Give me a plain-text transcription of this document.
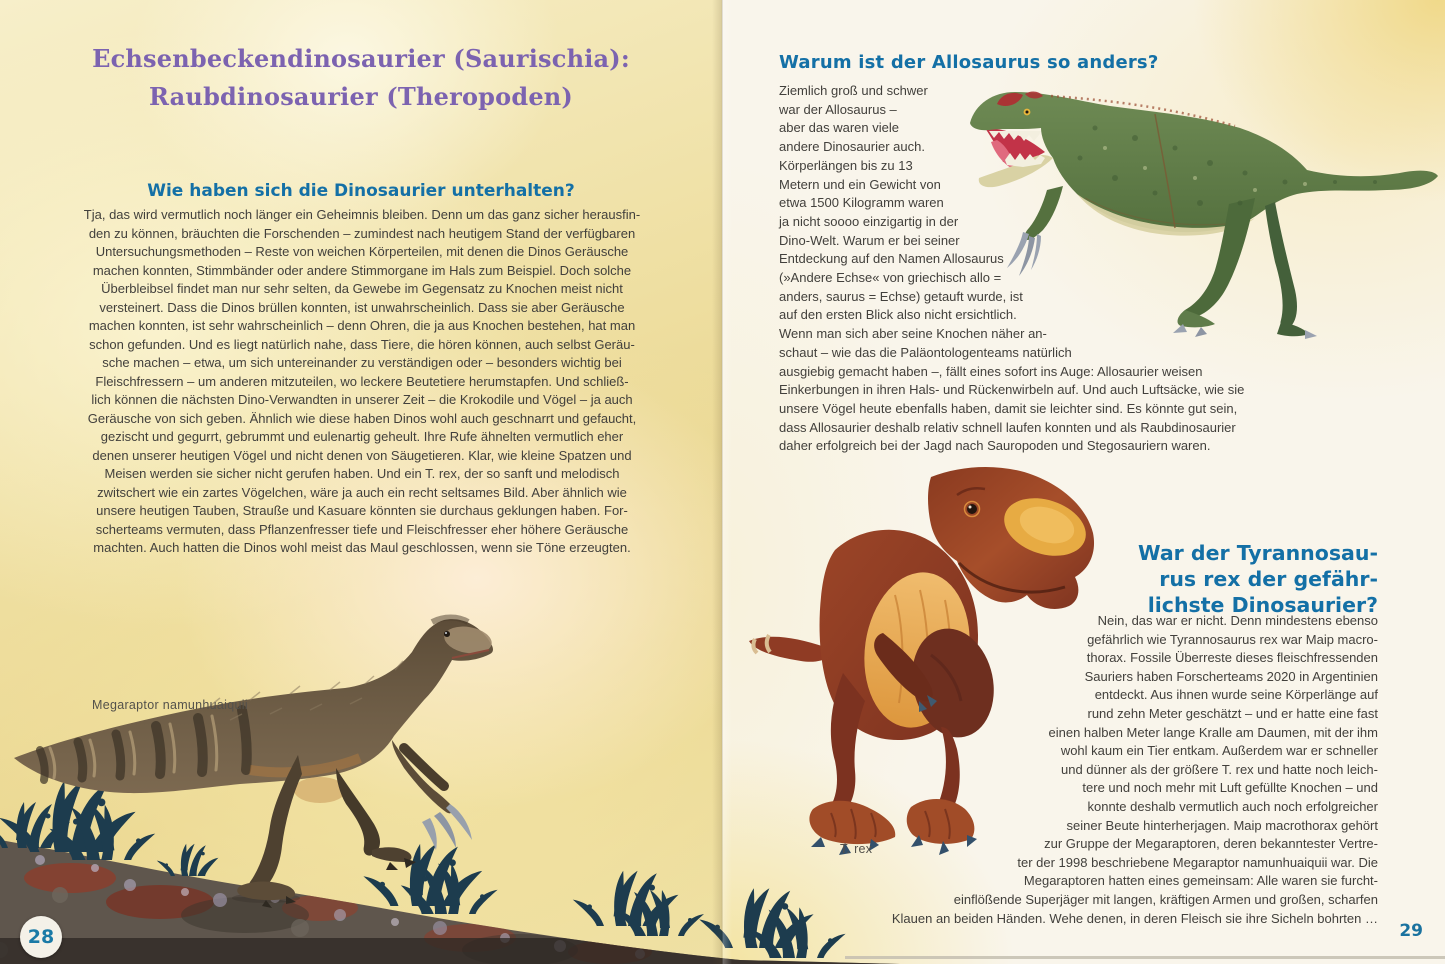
Echsenbeckendinosaurier (Saurischia):
Raubdinosaurier (Theropoden)
Wie haben sich die Dinosaurier unterhalten?
Tja, das wird vermutlich noch länger ein Geheimnis bleiben. Denn um das ganz sicher herausfin-
den zu können, bräuchten die Forschenden – zumindest nach heutigem Stand der verfügbaren
Untersuchungsmethoden – Reste von weichen Körperteilen, mit denen die Dinos Geräusche
machen konnten, Stimmbänder oder andere Stimmorgane im Hals zum Beispiel. Doch solche
Überbleibsel findet man nur sehr selten, da Gewebe im Gegensatz zu Knochen meist nicht
versteinert. Dass die Dinos brüllen konnten, ist unwahrscheinlich. Dass sie aber Geräusche
machen konnten, ist sehr wahrscheinlich – denn Ohren, die ja aus Knochen bestehen, hat man
schon gefunden. Und es liegt natürlich nahe, dass Tiere, die hören können, auch selbst Geräu-
sche machen – etwa, um sich untereinander zu verständigen oder – besonders wichtig bei
Fleischfressern – um anderen mitzuteilen, wo leckere Beutetiere herumstapfen. Und schließ-
lich können die nächsten Dino-Verwandten in unserer Zeit – die Krokodile und Vögel – ja auch
Geräusche von sich geben. Ähnlich wie diese haben Dinos wohl auch geschnarrt und gefaucht,
gezischt und gegurrt, gebrummt und eulenartig geheult. Ihre Rufe ähnelten vermutlich eher
denen unserer heutigen Vögel und nicht denen von Säugetieren. Klar, wie kleine Spatzen und
Meisen werden sie sicher nicht gerufen haben. Und ein T. rex, der so sanft und melodisch
zwitschert wie ein zartes Vögelchen, wäre ja auch ein recht seltsames Bild. Aber ähnlich wie
unsere heutigen Tauben, Strauße und Kasuare könnten sie durchaus geklungen haben. For-
scherteams vermuten, dass Pflanzenfresser tiefe und Fleischfresser eher höhere Geräusche
machten. Auch hatten die Dinos wohl meist das Maul geschlossen, wenn sie Töne erzeugten.
Megaraptor namunhuaiquii
28
Warum ist der Allosaurus so anders?
Ziemlich groß und schwer
war der Allosaurus –
aber das waren viele
andere Dinosaurier auch.
Körperlängen bis zu 13
Metern und ein Gewicht von
etwa 1500 Kilogramm waren
ja nicht soooo einzigartig in der
Dino-Welt. Warum er bei seiner
Entdeckung auf den Namen Allosaurus
(»Andere Echse« von griechisch allo =
anders, saurus = Echse) getauft wurde, ist
auf den ersten Blick also nicht ersichtlich.
Wenn man sich aber seine Knochen näher an-
schaut – wie das die Paläontologenteams natürlich
ausgiebig gemacht haben –, fällt eines sofort ins Auge: Allosaurier weisen
Einkerbungen in ihren Hals- und Rückenwirbeln auf. Und auch Luftsäcke, wie sie
unsere Vögel heute ebenfalls haben, damit sie leichter sind. Es könnte gut sein,
dass Allosaurier deshalb relativ schnell laufen konnten und als Raubdinosaurier
daher erfolgreich bei der Jagd nach Sauropoden und Stegosauriern waren.
War der Tyrannosau-
rus rex der gefähr-
lichste Dinosaurier?
Nein, das war er nicht. Denn mindestens ebenso
gefährlich wie Tyrannosaurus rex war Maip macro-
thorax. Fossile Überreste dieses fleischfressenden
Sauriers haben Forscherteams 2020 in Argentinien
entdeckt. Aus ihnen wurde seine Körperlänge auf
rund zehn Meter geschätzt – und er hatte eine fast
einen halben Meter lange Kralle am Daumen, mit der ihm
wohl kaum ein Tier entkam. Außerdem war er schneller
und dünner als der größere T. rex und hatte noch leich-
tere und noch mehr mit Luft gefüllte Knochen – und
konnte deshalb vermutlich auch noch erfolgreicher
seiner Beute hinterherjagen. Maip macrothorax gehört
zur Gruppe der Megaraptoren, deren bekanntester Vertre-
ter der 1998 beschriebene Megaraptor namunhuaiquii war. Die
Megaraptoren hatten eines gemeinsam: Alle waren sie furcht-
einflößende Superjäger mit langen, kräftigen Armen und großen, scharfen
Klauen an beiden Händen. Wehe denen, in deren Fleisch sie ihre Sicheln bohrten …
T. rex
29
